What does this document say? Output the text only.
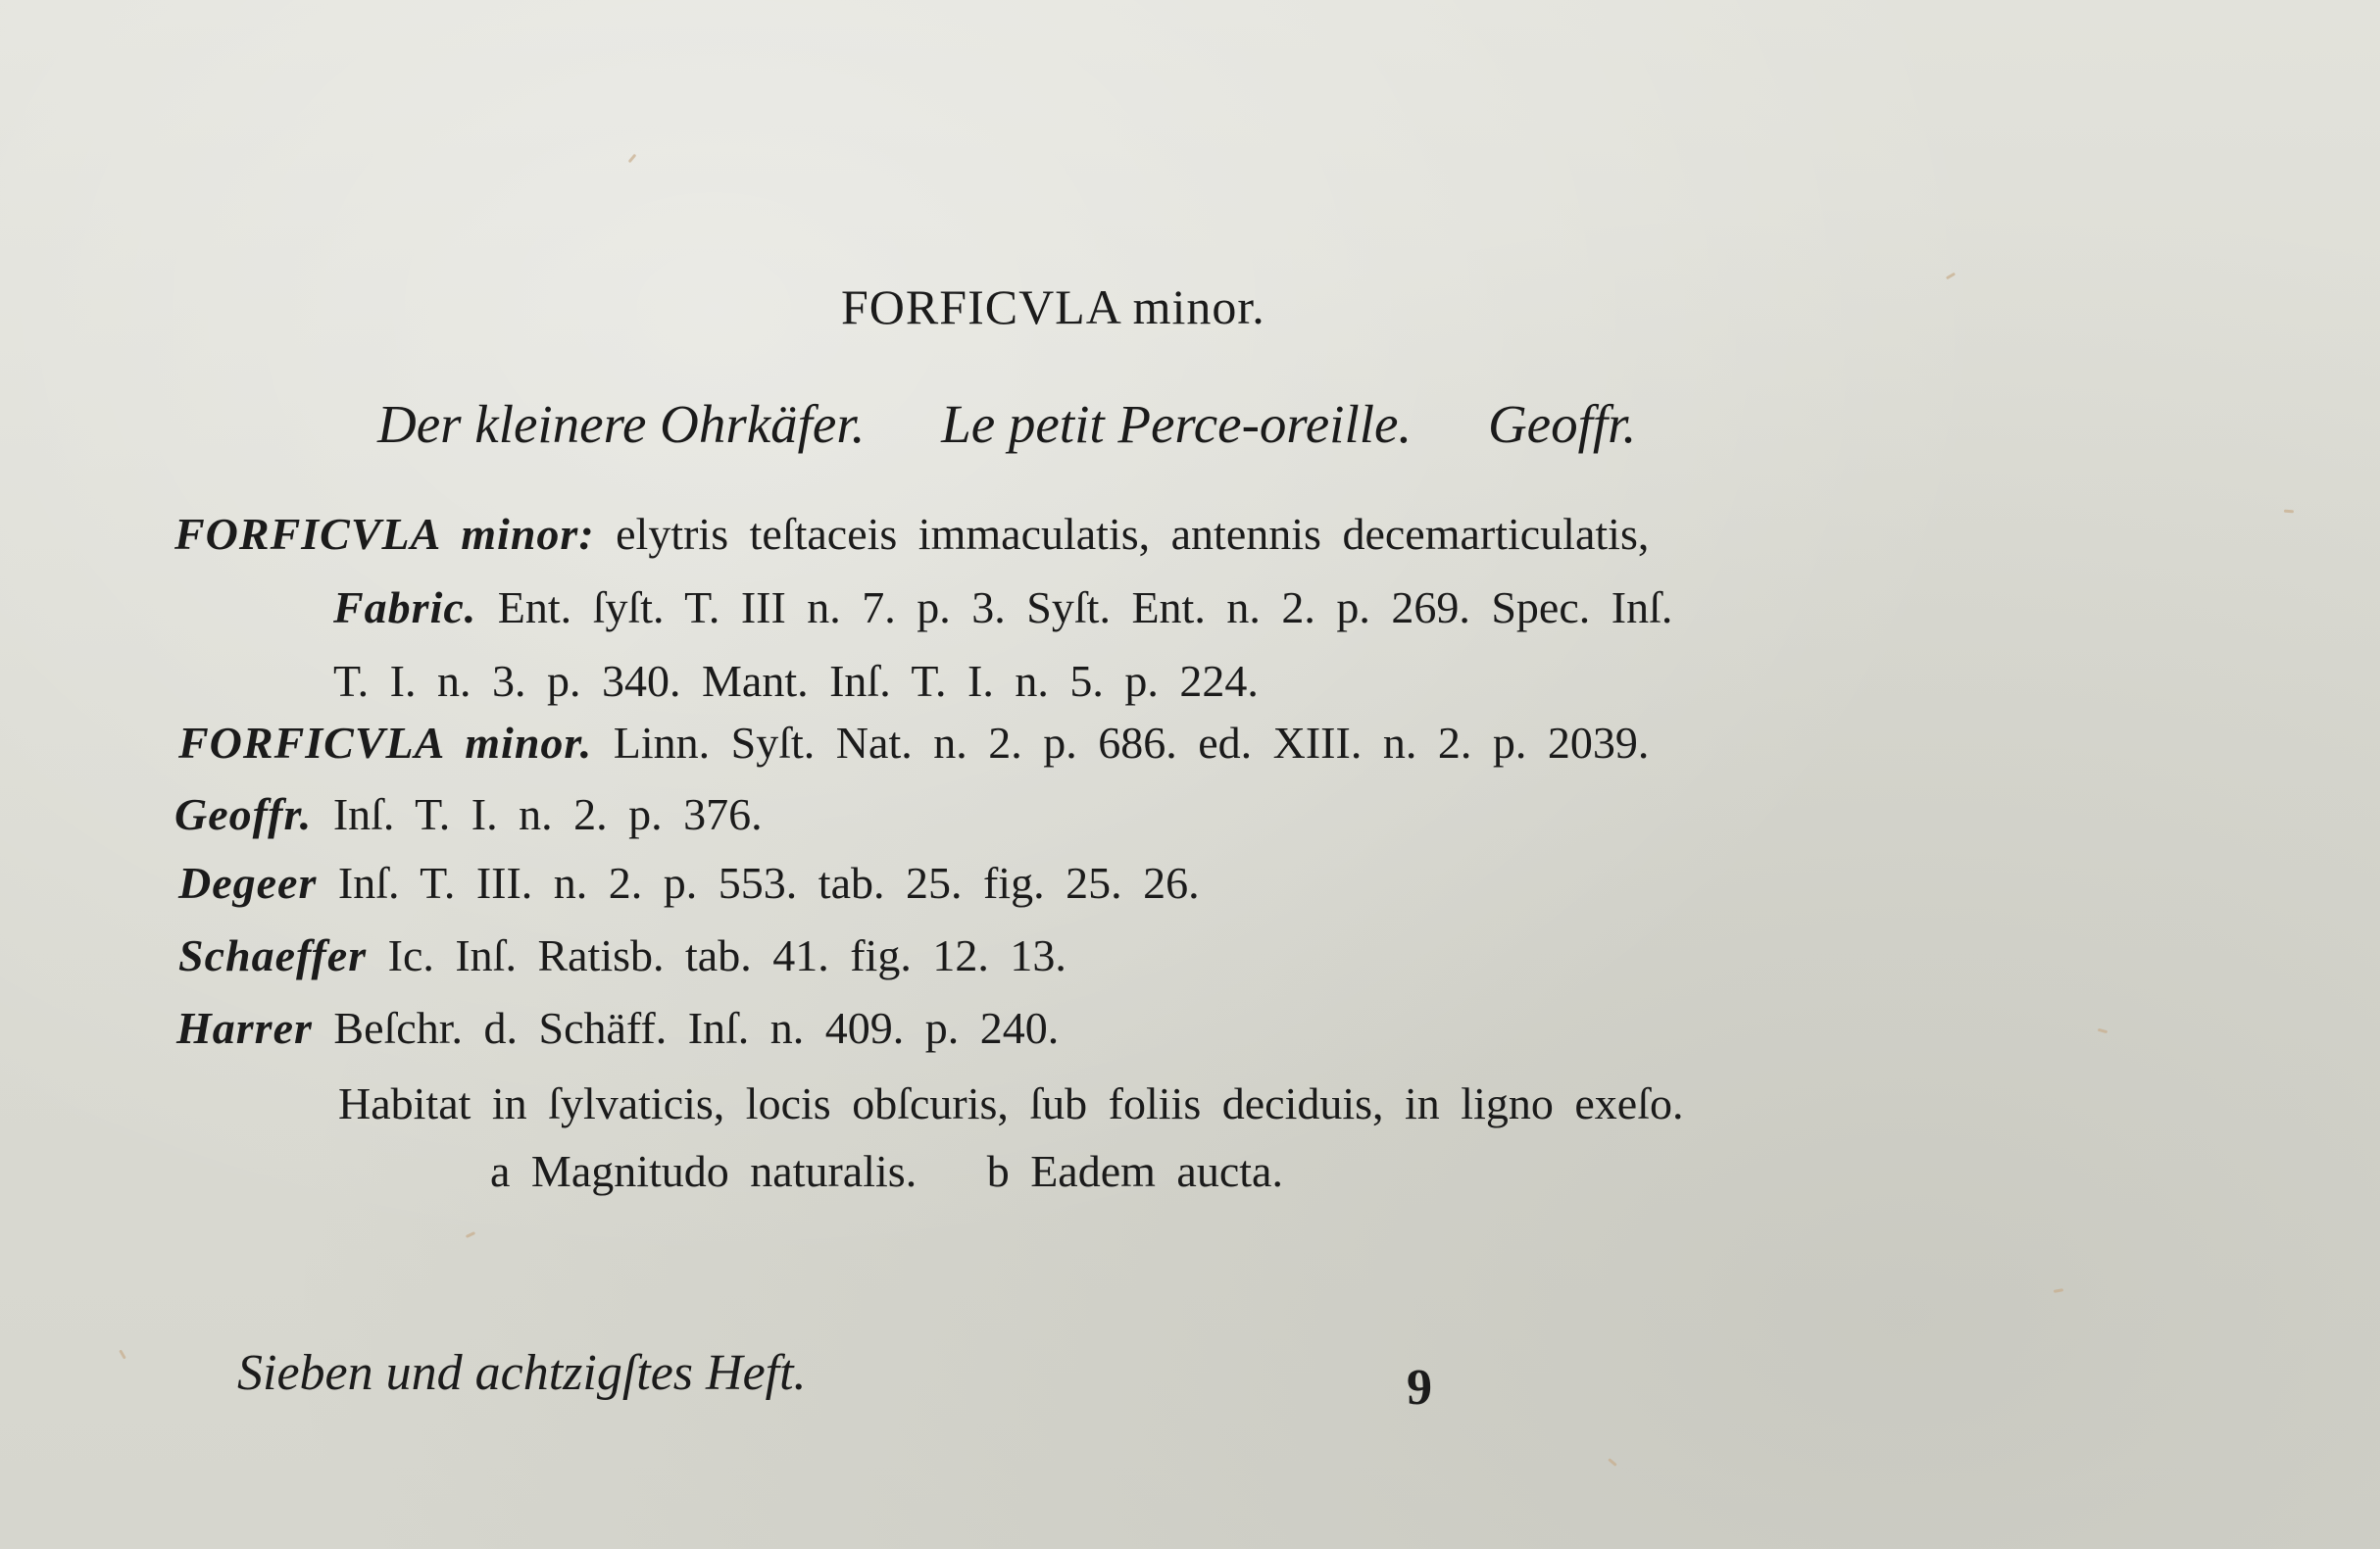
FORFICVLA minor.
Der kleinere Ohrkäfer. Le petit Perce-oreille. Geoffr.
FORFICVLA minor: elytris teſtaceis immaculatis, antennis decemarticulatis,
Fabric. Ent. ſyſt. T. III n. 7. p. 3. Syſt. Ent. n. 2. p. 269. Spec. Inſ.
T. I. n. 3. p. 340. Mant. Inſ. T. I. n. 5. p. 224.
FORFICVLA minor. Linn. Syſt. Nat. n. 2. p. 686. ed. XIII. n. 2. p. 2039.
Geoffr. Inſ. T. I. n. 2. p. 376.
Degeer Inſ. T. III. n. 2. p. 553. tab. 25. fig. 25. 26.
Schaeffer Ic. Inſ. Ratisb. tab. 41. fig. 12. 13.
Harrer Beſchr. d. Schäff. Inſ. n. 409. p. 240.
Habitat in ſylvaticis, locis obſcuris, ſub foliis deciduis, in ligno exeſo.
a Magnitudo naturalis. b Eadem aucta.
Sieben und achtzigſtes Heft.	9
